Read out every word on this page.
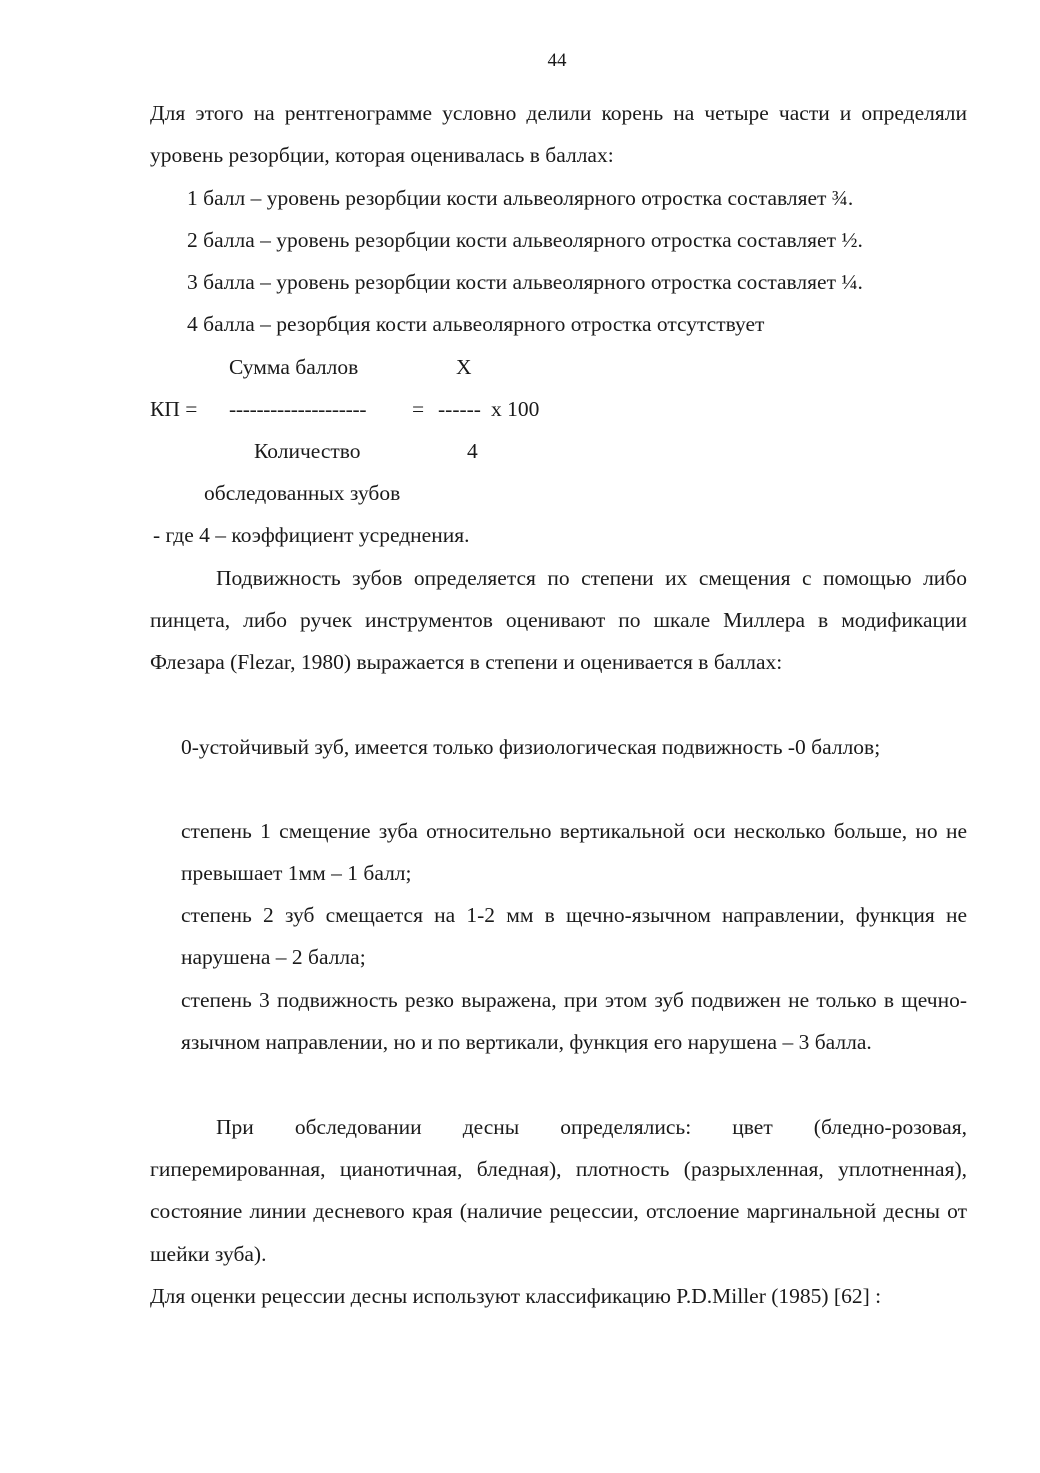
44

Для этого на рентгенограмме условно делили корень на четыре части и определяли уровень резорбции, которая оценивалась в баллах:

1 балл – уровень резорбции кости альвеолярного отростка составляет ¾.
2 балла – уровень резорбции кости альвеолярного отростка составляет ½.
3 балла – уровень резорбции кости альвеолярного отростка составляет ¼.
4 балла – резорбция кости альвеолярного отростка отсутствует
Сумма баллов	Х
КП = -------------------- = ------ х 100
Количество	4
обследованных зубов
- где 4 – коэффициент усреднения.

Подвижность зубов определяется по степени их смещения с помощью либо пинцета, либо ручек инструментов оценивают по шкале Миллера в модификации Флезара (Flezar, 1980) выражается в степени и оценивается в баллах:

0-устойчивый зуб, имеется только физиологическая подвижность -0 баллов;

степень 1 смещение зуба относительно вертикальной оси несколько больше, но не превышает 1мм – 1 балл;

степень 2 зуб смещается на 1-2 мм в щечно-язычном направлении, функция не нарушена – 2 балла;

степень 3 подвижность резко выражена, при этом зуб подвижен не только в щечно-язычном направлении, но и по вертикали, функция его нарушена – 3 балла.

При обследовании десны определялись: цвет (бледно-розовая, гиперемированная, цианотичная, бледная), плотность (разрыхленная, уплотненная), состояние линии десневого края (наличие рецессии, отслоение маргинальной десны от шейки зуба).

Для оценки рецессии десны используют классификацию P.D.Miller (1985) [62] :
